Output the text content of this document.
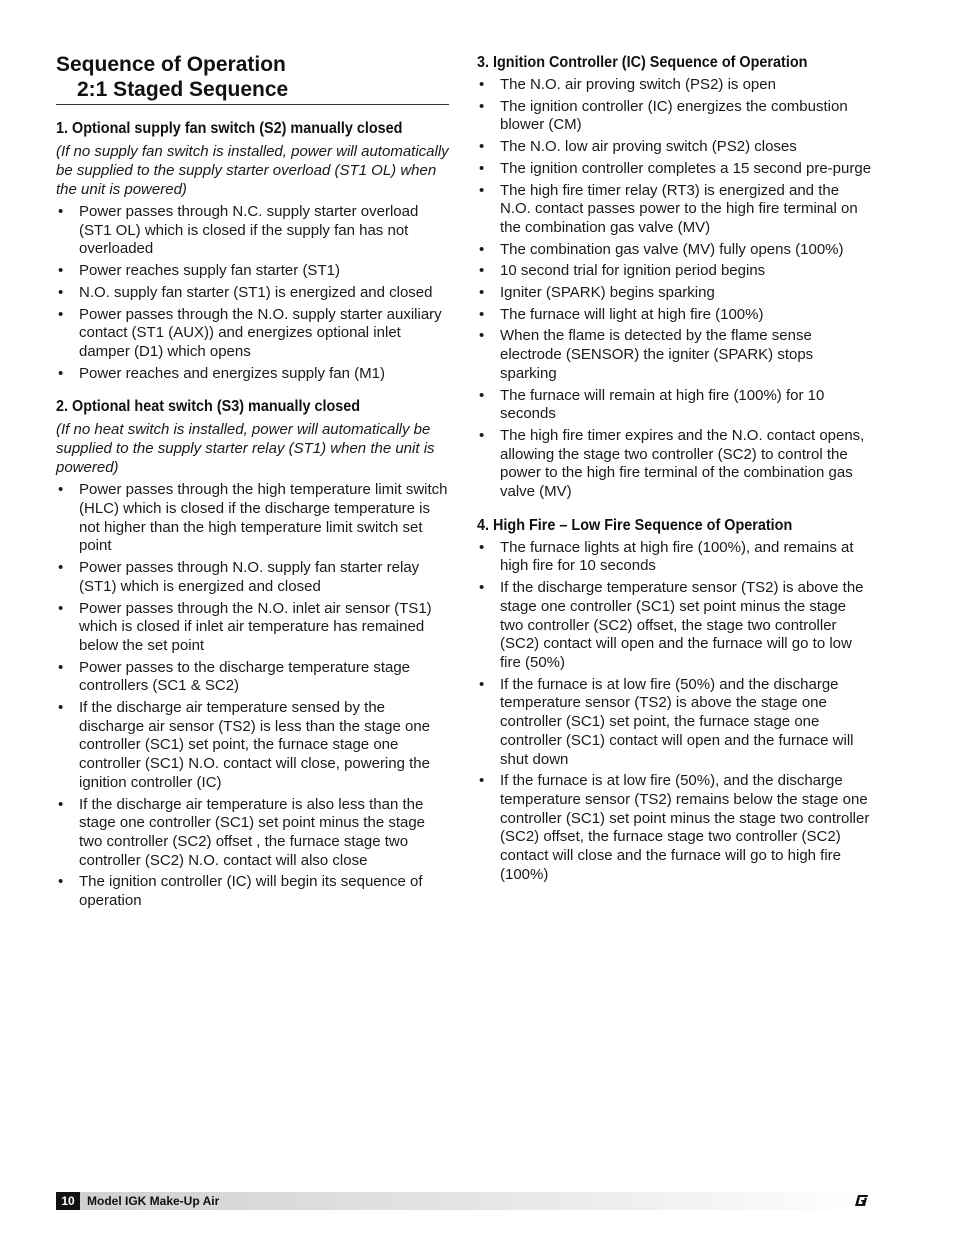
Sequence of Operation
2:1 Staged Sequence
1. Optional supply fan switch (S2) manually closed
(If no supply fan switch is installed, power will automatically be supplied to the supply starter overload (ST1 OL) when the unit is powered)
• Power passes through N.C. supply starter overload (ST1 OL) which is closed if the supply fan has not overloaded
• Power reaches supply fan starter (ST1)
• N.O. supply fan starter (ST1) is energized and closed
• Power passes through the N.O. supply starter auxiliary contact (ST1 (AUX)) and energizes optional inlet damper (D1) which opens
• Power reaches and energizes supply fan (M1)
2. Optional heat switch (S3) manually closed
(If no heat switch is installed, power will automatically be supplied to the supply starter relay (ST1) when the unit is powered)
• Power passes through the high temperature limit switch (HLC) which is closed if the discharge temperature is not higher than the high temperature limit switch set point
• Power passes through N.O. supply fan starter relay (ST1) which is energized and closed
• Power passes through the N.O. inlet air sensor (TS1) which is closed if inlet air temperature has remained below the set point
• Power passes to the discharge temperature stage controllers (SC1 & SC2)
• If the discharge air temperature sensed by the discharge air sensor (TS2) is less than the stage one controller (SC1) set point, the furnace stage one controller (SC1) N.O. contact will close, powering the ignition controller (IC)
• If the discharge air temperature is also less than the stage one controller (SC1) set point minus the stage two controller (SC2) offset , the furnace stage two controller (SC2) N.O. contact will also close
• The ignition controller (IC) will begin its sequence of operation
3. Ignition Controller (IC) Sequence of Operation
• The N.O. air proving switch (PS2) is open
• The ignition controller (IC) energizes the combustion blower (CM)
• The N.O. low air proving switch (PS2) closes
• The ignition controller completes a 15 second pre-purge
• The high fire timer relay (RT3) is energized and the N.O. contact passes power to the high fire terminal on the combination gas valve (MV)
• The combination gas valve (MV) fully opens (100%)
• 10 second trial for ignition period begins
• Igniter (SPARK) begins sparking
• The furnace will light at high fire (100%)
• When the flame is detected by the flame sense electrode (SENSOR) the igniter (SPARK) stops sparking
• The furnace will remain at high fire (100%) for 10 seconds
• The high fire timer expires and the N.O. contact opens, allowing the stage two controller (SC2) to control the power to the high fire terminal of the combination gas valve (MV)
4. High Fire – Low Fire Sequence of Operation
• The furnace lights at high fire (100%), and remains at high fire for 10 seconds
• If the discharge temperature sensor (TS2) is above the stage one controller (SC1) set point minus the stage two controller (SC2) offset, the stage two controller (SC2) contact will open and the furnace will go to low fire (50%)
• If the furnace is at low fire (50%) and the discharge temperature sensor (TS2) is above the stage one controller (SC1) set point, the furnace stage one controller (SC1) contact will open and the furnace will shut down
• If the furnace is at low fire (50%), and the discharge temperature sensor (TS2) remains below the stage one controller (SC1) set point minus the stage two controller (SC2) offset, the furnace stage two controller (SC2) contact will close and the furnace will go to high fire (100%)
10	Model IGK Make-Up Air
